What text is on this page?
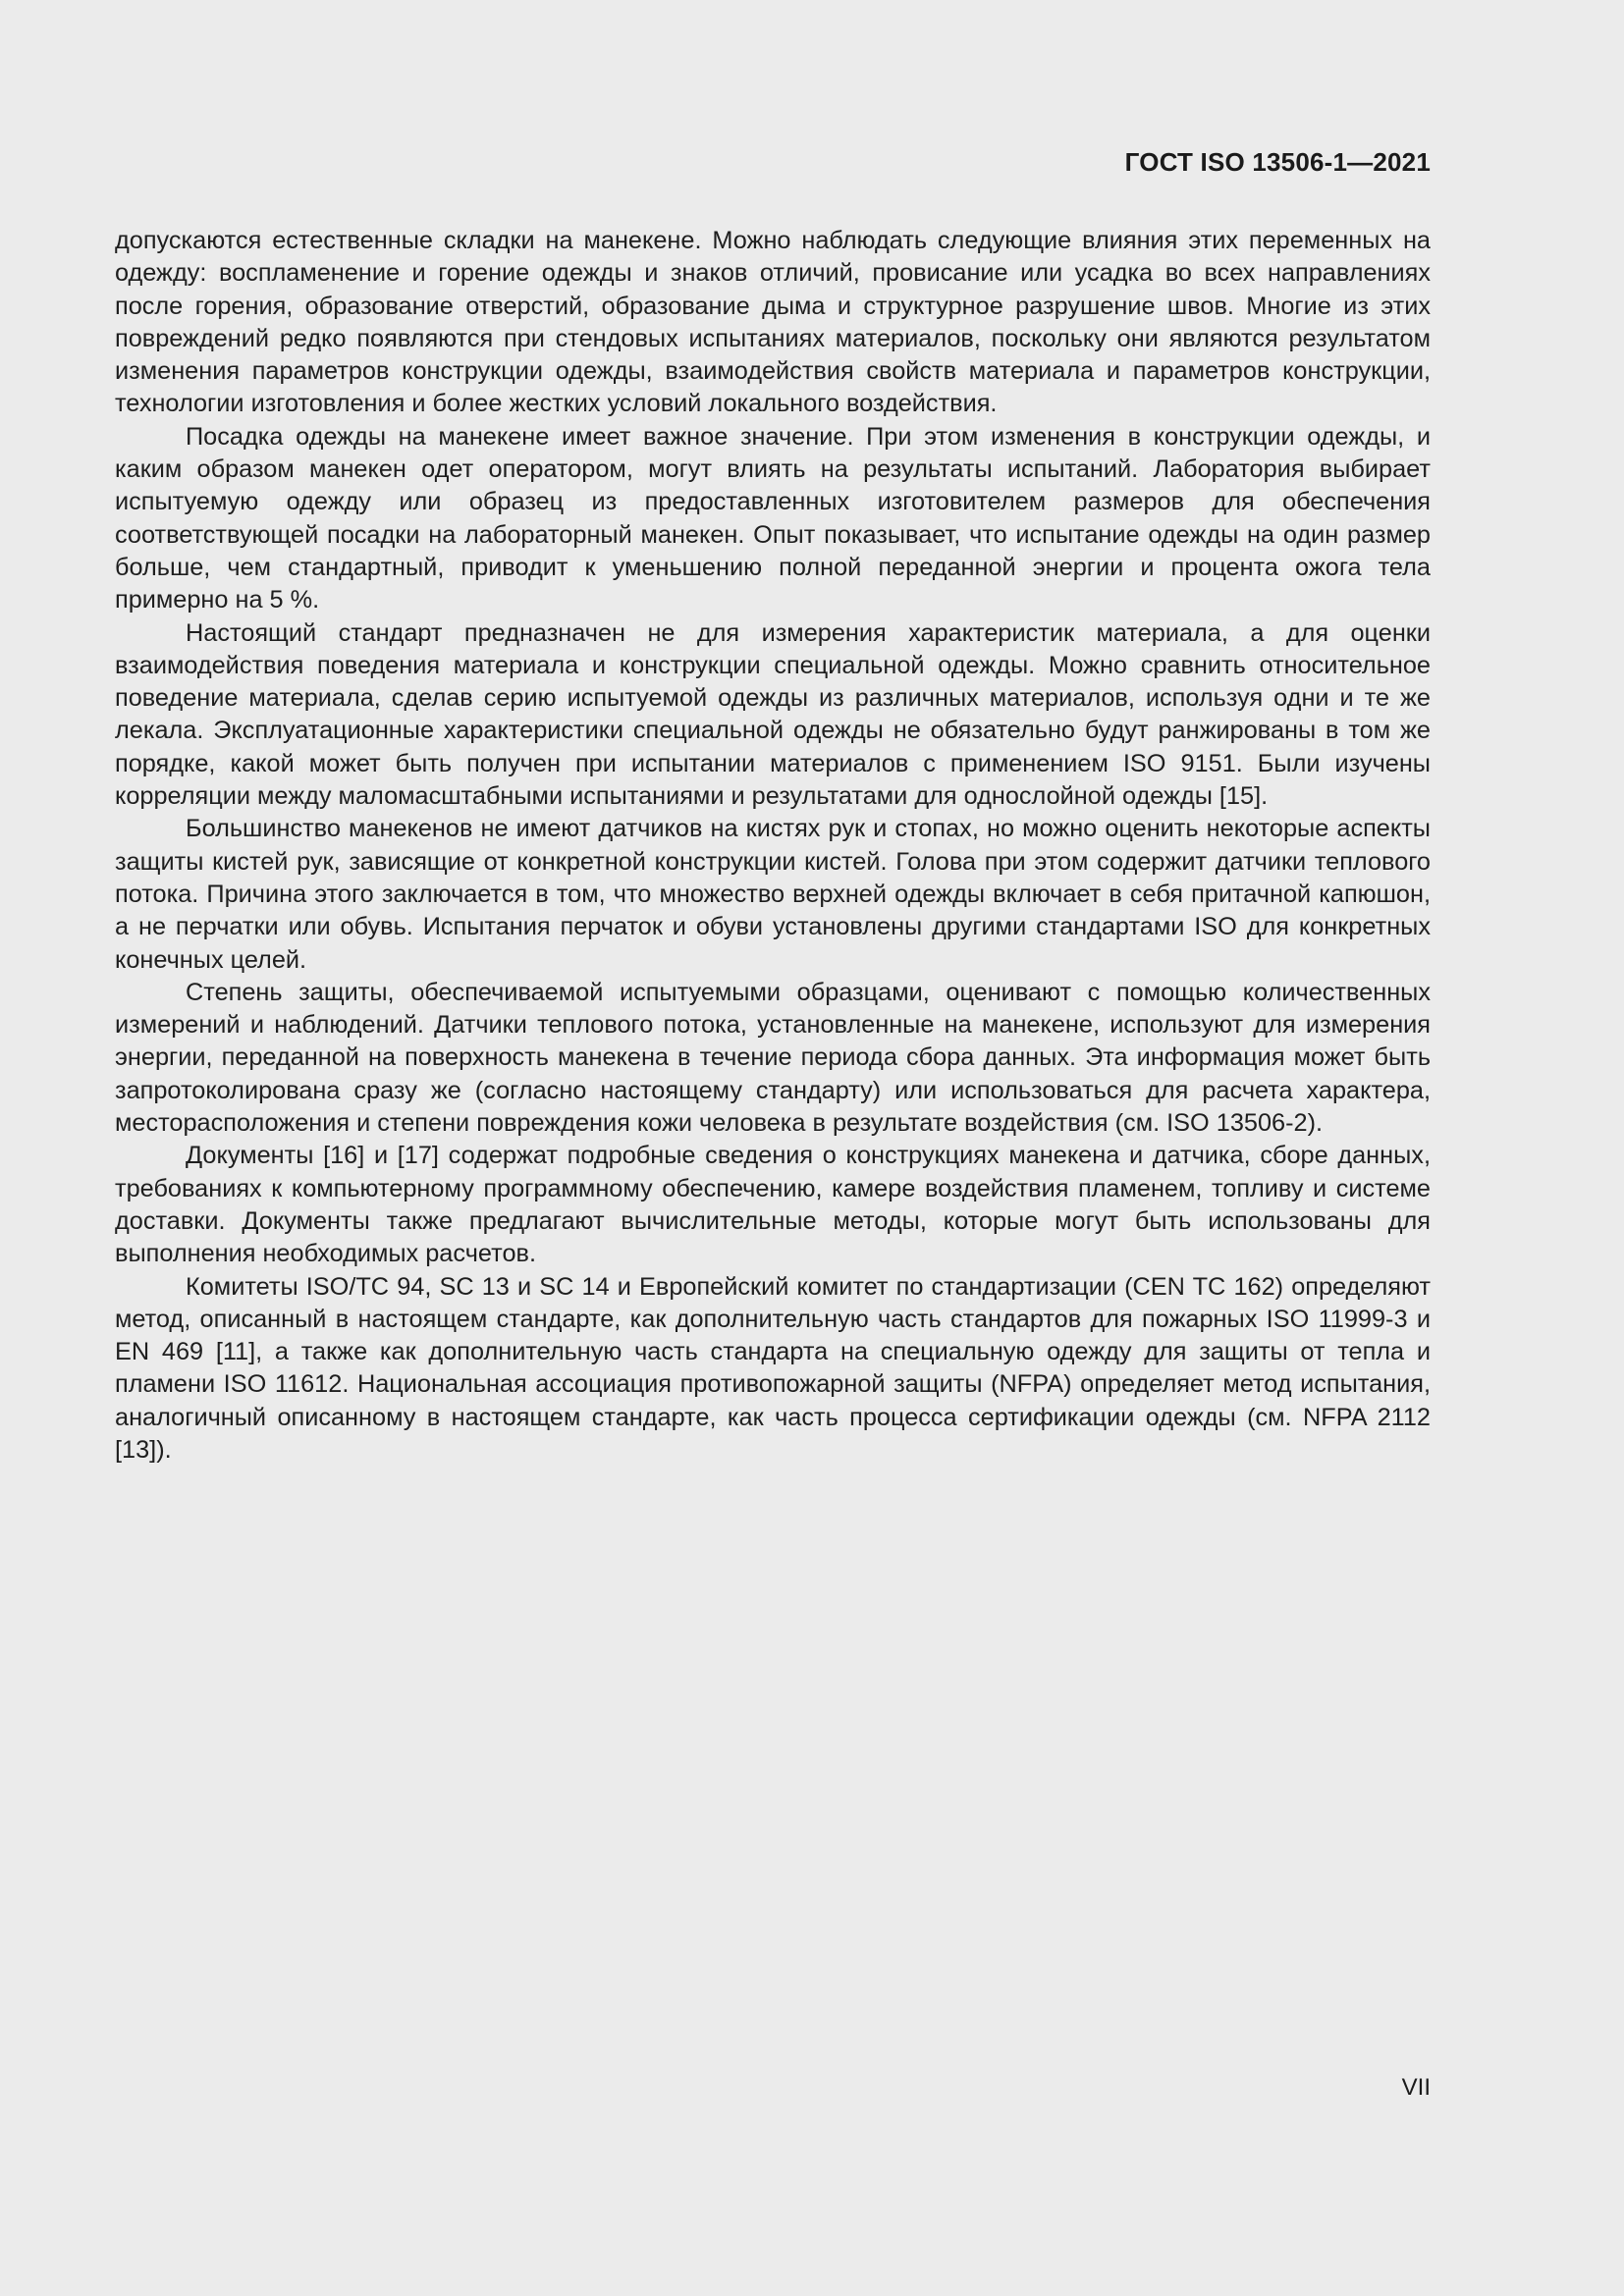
ГОСТ ISO 13506-1—2021

допускаются естественные складки на манекене. Можно наблюдать следующие влияния этих переменных на одежду: воспламенение и горение одежды и знаков отличий, провисание или усадка во всех направлениях после горения, образование отверстий, образование дыма и структурное разрушение швов. Многие из этих повреждений редко появляются при стендовых испытаниях материалов, поскольку они являются результатом изменения параметров конструкции одежды, взаимодействия свойств материала и параметров конструкции, технологии изготовления и более жестких условий локального воздействия.

Посадка одежды на манекене имеет важное значение. При этом изменения в конструкции одежды, и каким образом манекен одет оператором, могут влиять на результаты испытаний. Лаборатория выбирает испытуемую одежду или образец из предоставленных изготовителем размеров для обеспечения соответствующей посадки на лабораторный манекен. Опыт показывает, что испытание одежды на один размер больше, чем стандартный, приводит к уменьшению полной переданной энергии и процента ожога тела примерно на 5 %.

Настоящий стандарт предназначен не для измерения характеристик материала, а для оценки взаимодействия поведения материала и конструкции специальной одежды. Можно сравнить относительное поведение материала, сделав серию испытуемой одежды из различных материалов, используя одни и те же лекала. Эксплуатационные характеристики специальной одежды не обязательно будут ранжированы в том же порядке, какой может быть получен при испытании материалов с применением ISO 9151. Были изучены корреляции между маломасштабными испытаниями и результатами для однослойной одежды [15].

Большинство манекенов не имеют датчиков на кистях рук и стопах, но можно оценить некоторые аспекты защиты кистей рук, зависящие от конкретной конструкции кистей. Голова при этом содержит датчики теплового потока. Причина этого заключается в том, что множество верхней одежды включает в себя притачной капюшон, а не перчатки или обувь. Испытания перчаток и обуви установлены другими стандартами ISO для конкретных конечных целей.

Степень защиты, обеспечиваемой испытуемыми образцами, оценивают с помощью количественных измерений и наблюдений. Датчики теплового потока, установленные на манекене, используют для измерения энергии, переданной на поверхность манекена в течение периода сбора данных. Эта информация может быть запротоколирована сразу же (согласно настоящему стандарту) или использоваться для расчета характера, месторасположения и степени повреждения кожи человека в результате воздействия (см. ISO 13506-2).

Документы [16] и [17] содержат подробные сведения о конструкциях манекена и датчика, сборе данных, требованиях к компьютерному программному обеспечению, камере воздействия пламенем, топливу и системе доставки. Документы также предлагают вычислительные методы, которые могут быть использованы для выполнения необходимых расчетов.

Комитеты ISO/TC 94, SC 13 и SC 14 и Европейский комитет по стандартизации (CEN TC 162) определяют метод, описанный в настоящем стандарте, как дополнительную часть стандартов для пожарных ISO 11999-3 и EN 469 [11], а также как дополнительную часть стандарта на специальную одежду для защиты от тепла и пламени ISO 11612. Национальная ассоциация противопожарной защиты (NFPA) определяет метод испытания, аналогичный описанному в настоящем стандарте, как часть процесса сертификации одежды (см. NFPA 2112 [13]).

VII
